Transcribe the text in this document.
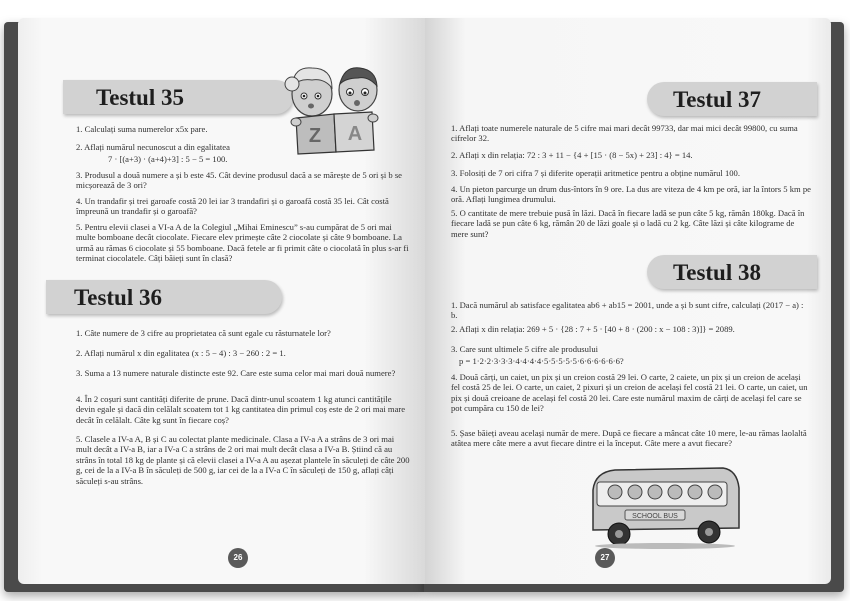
Testul 35
Z A
1. Calculați suma numerelor x5x pare.
2. Aflați numărul necunoscut a din egalitatea
7 · [(a+3) · (a+4)+3] : 5 − 5 = 100.
3. Produsul a două numere a și b este 45. Cât devine produsul dacă a se mărește de 5 ori și b se micșorează de 3 ori?
4. Un trandafir și trei garoafe costă 20 lei iar 3 trandafiri și o garoafă costă 35 lei. Cât costă împreună un trandafir și o garoafă?
5. Pentru elevii clasei a VI-a A de la Colegiul „Mihai Eminescu” s-au cumpărat de 5 ori mai multe bomboane decât ciocolate. Fiecare elev primește câte 2 ciocolate și câte 9 bomboane. La urmă au rămas 6 ciocolate și 55 bomboane. Dacă fetele ar fi primit câte o ciocolată în plus s-ar fi terminat ciocolatele. Câți băieți sunt în clasă?
Testul 36
1. Câte numere de 3 cifre au proprietatea că sunt egale cu răsturnatele lor?
2. Aflați numărul x din egalitatea (x : 5 − 4) : 3 − 260 : 2 = 1.
3. Suma a 13 numere naturale distincte este 92. Care este suma celor mai mari două numere?
4. În 2 coșuri sunt cantități diferite de prune. Dacă dintr-unul scoatem 1 kg atunci cantitățile devin egale și dacă din celălalt scoatem tot 1 kg cantitatea din primul coș este de 2 ori mai mare decât în celălalt. Câte kg sunt în fiecare coș?
5. Clasele a IV-a A, B și C au colectat plante medicinale. Clasa a IV-a A a strâns de 3 ori mai mult decât a IV-a B, iar a IV-a C a strâns de 2 ori mai mult decât clasa a IV-a B. Știind că au strâns în total 18 kg de plante și că elevii clasei a IV-a A au așezat plantele în săculeți de câte 200 g, cei de la a IV-a B în săculeți de 500 g, iar cei de la a IV-a C în săculeți de 150 g, aflați câți săculeți s-au strâns.
26
Testul 37
1. Aflați toate numerele naturale de 5 cifre mai mari decât 99733, dar mai mici decât 99800, cu suma cifrelor 32.
2. Aflați x din relația: 72 : 3 + 11 − {4 + [15 · (8 − 5x) + 23] : 4} = 14.
3. Folosiți de 7 ori cifra 7 și diferite operații aritmetice pentru a obține numărul 100.
4. Un pieton parcurge un drum dus-întors în 9 ore. La dus are viteza de 4 km pe oră, iar la întors 5 km pe oră. Aflați lungimea drumului.
5. O cantitate de mere trebuie pusă în lăzi. Dacă în fiecare ladă se pun câte 5 kg, rămân 180kg. Dacă în fiecare ladă se pun câte 6 kg, rămân 20 de lăzi goale și o ladă cu 2 kg. Câte lăzi și câte kilograme de mere sunt?
Testul 38
1. Dacă numărul ab satisface egalitatea ab6 + ab15 = 2001, unde a și b sunt cifre, calculați (2017 − a) : b.
2. Aflați x din relația: 269 + 5 · {28 : 7 + 5 · [40 + 8 · (200 : x − 108 : 3)]} = 2089.
3. Care sunt ultimele 5 cifre ale produsului
p = 1·2·2·3·3·3·4·4·4·4·5·5·5·5·5·6·6·6·6·6·6?
4. Două cărți, un caiet, un pix și un creion costă 29 lei. O carte, 2 caiete, un pix și un creion de același fel costă 25 de lei. O carte, un caiet, 2 pixuri și un creion de același fel costă 21 lei. O carte, un caiet, un pix și două creioane de același fel costă 20 lei. Care este numărul maxim de cărți de același fel care se pot cumpăra cu 150 de lei?
5. Șase băieți aveau același număr de mere. După ce fiecare a mâncat câte 10 mere, le-au rămas laolaltă atâtea mere câte mere a avut fiecare dintre ei la început. Câte mere a avut fiecare?
SCHOOL BUS
27
